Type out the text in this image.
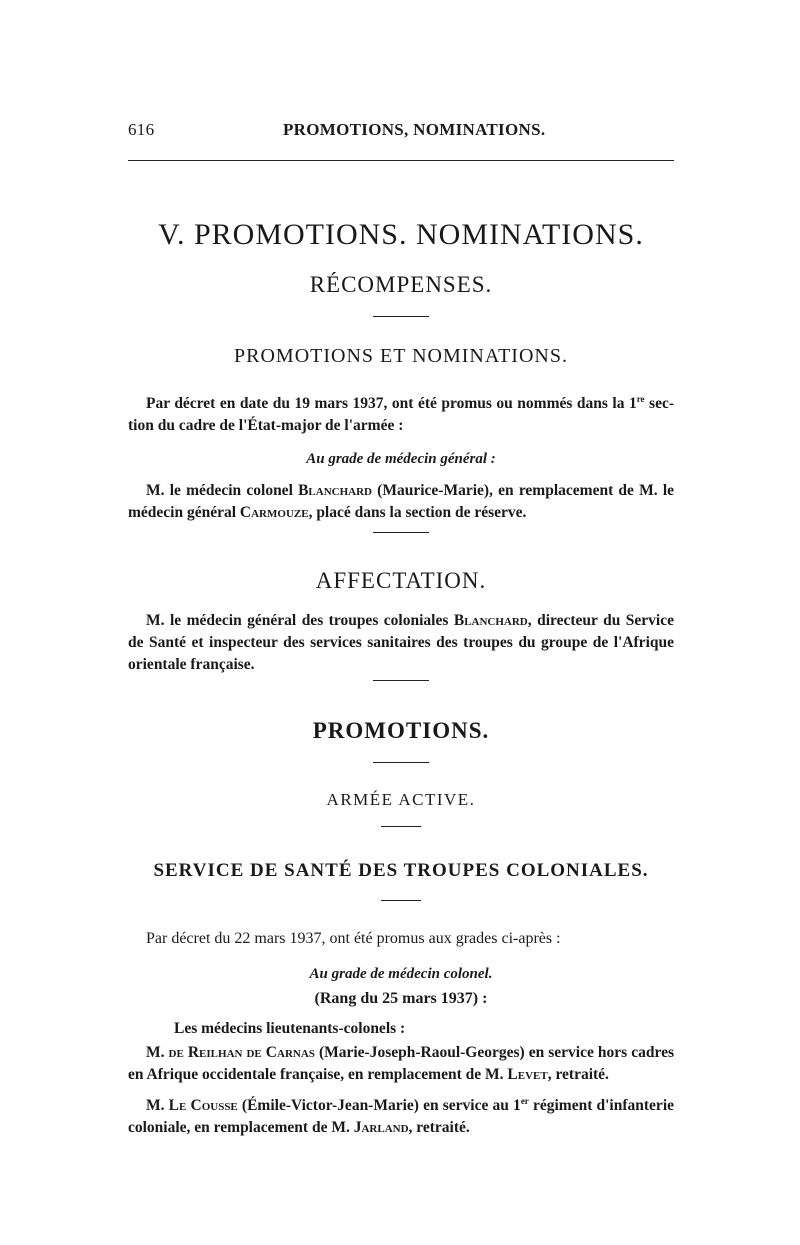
616	PROMOTIONS, NOMINATIONS.
V. PROMOTIONS. NOMINATIONS.
RÉCOMPENSES.
PROMOTIONS ET NOMINATIONS.
Par décret en date du 19 mars 1937, ont été promus ou nommés dans la 1re sec- tion du cadre de l'État-major de l'armée :
Au grade de médecin général :
M. le médecin colonel Blanchard (Maurice-Marie), en remplacement de M. le médecin général Carmouze, placé dans la section de réserve.
AFFECTATION.
M. le médecin général des troupes coloniales Blanchard, directeur du Service de Santé et inspecteur des services sanitaires des troupes du groupe de l'Afrique orientale française.
PROMOTIONS.
ARMÉE ACTIVE.
SERVICE DE SANTÉ DES TROUPES COLONIALES.
Par décret du 22 mars 1937, ont été promus aux grades ci-après :
Au grade de médecin colonel.
(Rang du 25 mars 1937) :
Les médecins lieutenants-colonels :
M. de Reilhan de Carnas (Marie-Joseph-Raoul-Georges) en service hors cadres en Afrique occidentale française, en remplacement de M. Levet, retraité.
M. Le Cousse (Émile-Victor-Jean-Marie) en service au 1er régiment d'infanterie coloniale, en remplacement de M. Jarland, retraité.
